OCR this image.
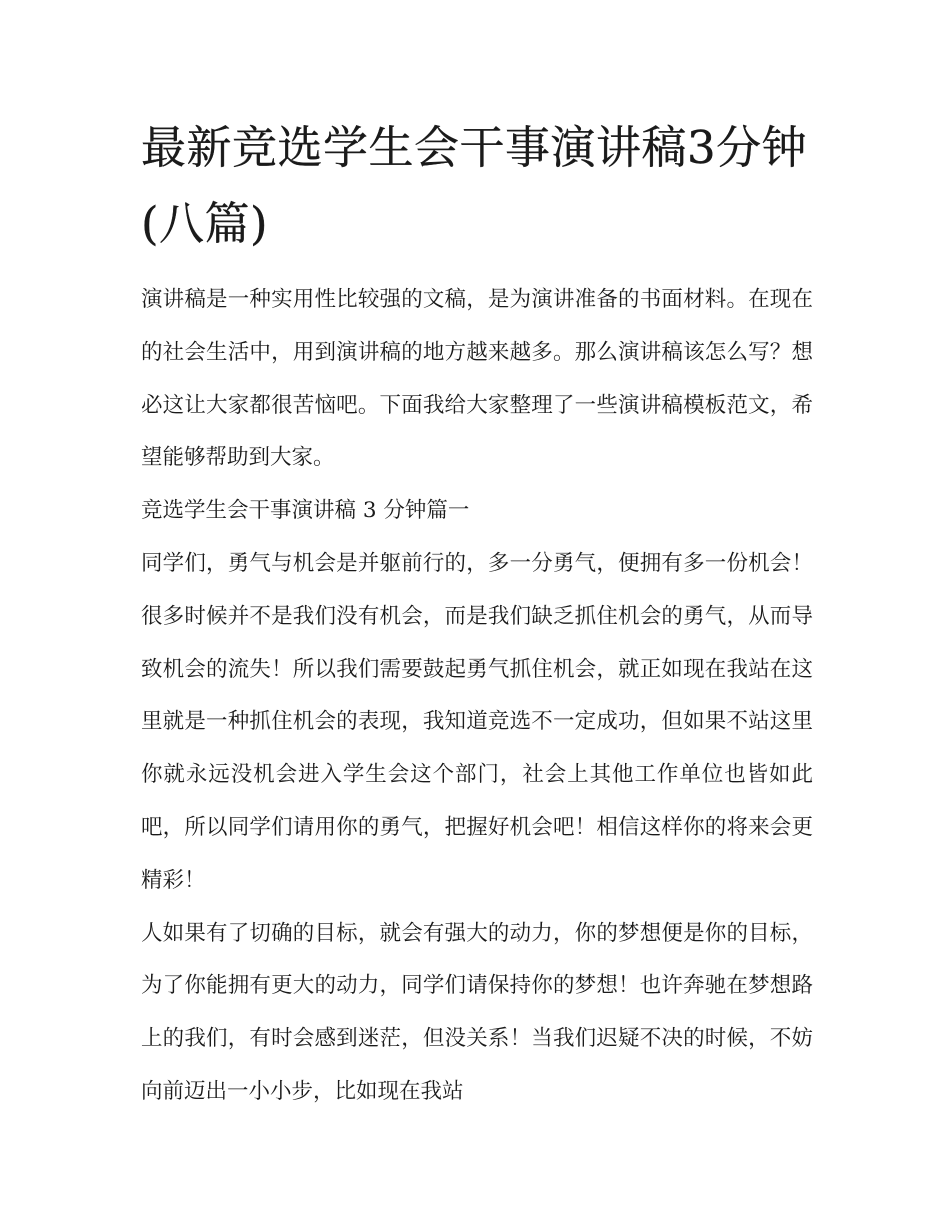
最新竞选学生会干事演讲稿3分钟(八篇)

演讲稿是一种实用性比较强的文稿，是为演讲准备的书面材料。在现在的社会生活中，用到演讲稿的地方越来越多。那么演讲稿该怎么写？想必这让大家都很苦恼吧。下面我给大家整理了一些演讲稿模板范文，希望能够帮助到大家。

竞选学生会干事演讲稿 3 分钟篇一

同学们，勇气与机会是并躯前行的，多一分勇气，便拥有多一份机会！很多时候并不是我们没有机会，而是我们缺乏抓住机会的勇气，从而导致机会的流失！所以我们需要鼓起勇气抓住机会，就正如现在我站在这里就是一种抓住机会的表现，我知道竞选不一定成功，但如果不站这里你就永远没机会进入学生会这个部门，社会上其他工作单位也皆如此吧，所以同学们请用你的勇气，把握好机会吧！相信这样你的将来会更精彩！

人如果有了切确的目标，就会有强大的动力，你的梦想便是你的目标，为了你能拥有更大的动力，同学们请保持你的梦想！也许奔驰在梦想路上的我们，有时会感到迷茫，但没关系！当我们迟疑不决的时候，不妨向前迈出一小小步，比如现在我站
